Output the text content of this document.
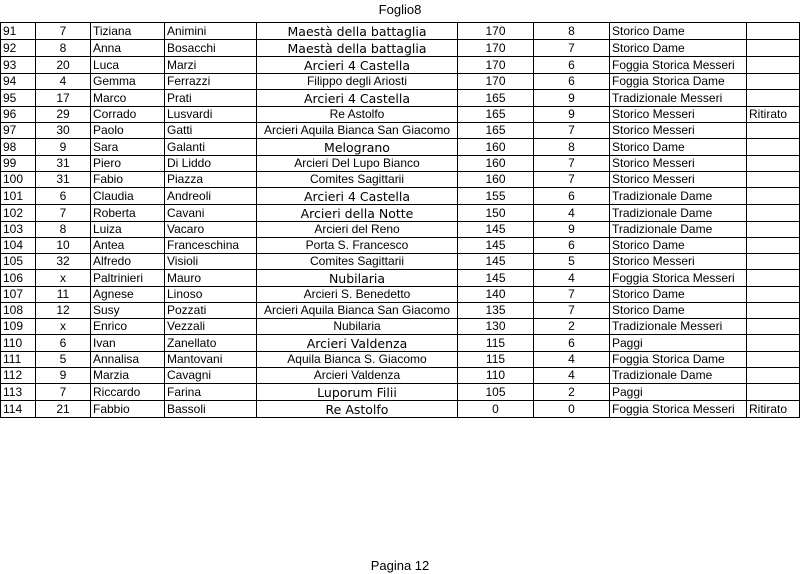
Foglio8
91	7	Tiziana	Animini	Maestà della battaglia	170	8	Storico Dame	
92	8	Anna	Bosacchi	Maestà della battaglia	170	7	Storico Dame	
93	20	Luca	Marzi	Arcieri 4 Castella	170	6	Foggia Storica Messeri	
94	4	Gemma	Ferrazzi	Filippo degli Ariosti	170	6	Foggia Storica Dame	
95	17	Marco	Prati	Arcieri 4 Castella	165	9	Tradizionale Messeri	
96	29	Corrado	Lusvardi	Re Astolfo	165	9	Storico Messeri	Ritirato
97	30	Paolo	Gatti	Arcieri Aquila Bianca San Giacomo	165	7	Storico Messeri	
98	9	Sara	Galanti	Melograno	160	8	Storico Dame	
99	31	Piero	Di Liddo	Arcieri Del Lupo Bianco	160	7	Storico Messeri	
100	31	Fabio	Piazza	Comites Sagittarii	160	7	Storico Messeri	
101	6	Claudia	Andreoli	Arcieri 4 Castella	155	6	Tradizionale Dame	
102	7	Roberta	Cavani	Arcieri della Notte	150	4	Tradizionale Dame	
103	8	Luiza	Vacaro	Arcieri del Reno	145	9	Tradizionale Dame	
104	10	Antea	Franceschina	Porta S. Francesco	145	6	Storico Dame	
105	32	Alfredo	Visioli	Comites Sagittarii	145	5	Storico Messeri	
106	x	Paltrinieri	Mauro	Nubilaria	145	4	Foggia Storica Messeri	
107	11	Agnese	Linoso	Arcieri S. Benedetto	140	7	Storico Dame	
108	12	Susy	Pozzati	Arcieri Aquila Bianca San Giacomo	135	7	Storico Dame	
109	x	Enrico	Vezzali	Nubilaria	130	2	Tradizionale Messeri	
110	6	Ivan	Zanellato	Arcieri Valdenza	115	6	Paggi	
111	5	Annalisa	Mantovani	Aquila Bianca S. Giacomo	115	4	Foggia Storica Dame	
112	9	Marzia	Cavagni	Arcieri Valdenza	110	4	Tradizionale Dame	
113	7	Riccardo	Farina	Luporum Filii	105	2	Paggi	
114	21	Fabbio	Bassoli	Re Astolfo	0	0	Foggia Storica Messeri	Ritirato
Pagina 12
